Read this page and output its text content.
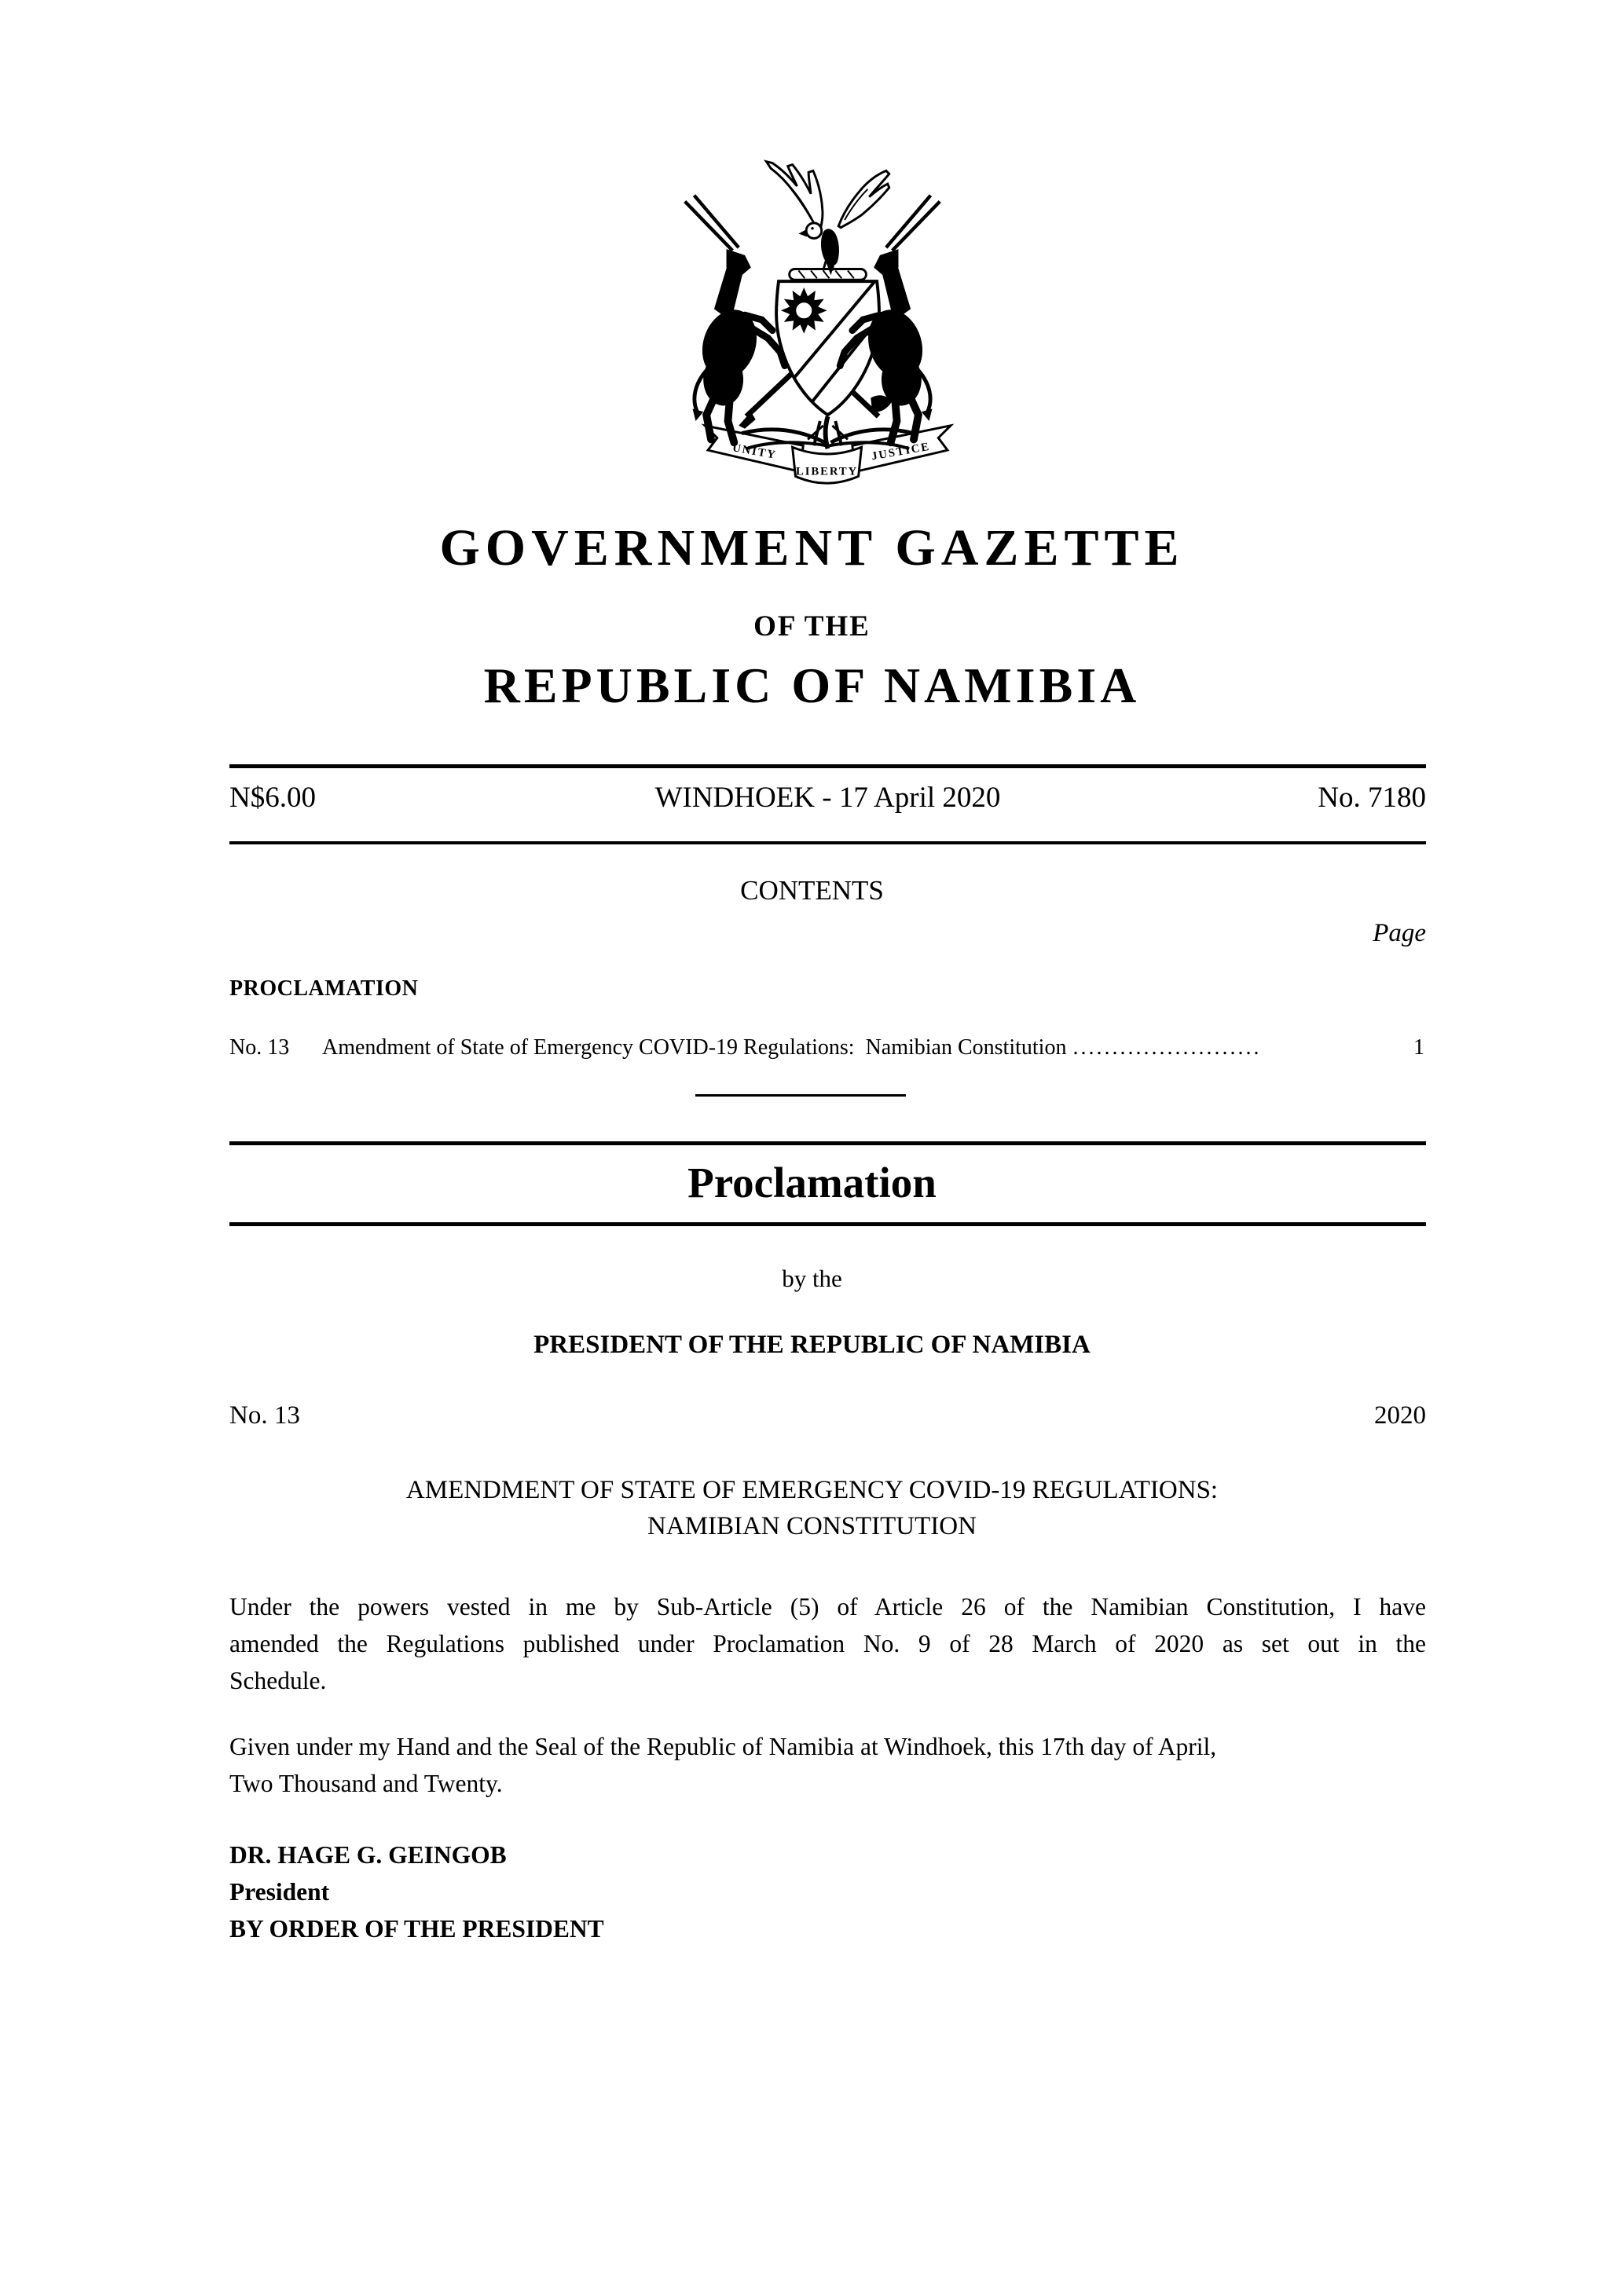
UNITY
LIBERTY
JUSTICE
GOVERNMENT GAZETTE
OF THE
REPUBLIC OF NAMIBIA
N$6.00	WINDHOEK - 17 April 2020	No. 7180
CONTENTS
Page
PROCLAMATION
No. 13 Amendment of State of Emergency COVID-19 Regulations:  Namibian Constitution ........................	1
Proclamation
by the
PRESIDENT OF THE REPUBLIC OF NAMIBIA
No. 13	2020
AMENDMENT OF STATE OF EMERGENCY COVID-19 REGULATIONS:
NAMIBIAN CONSTITUTION
Under the powers vested in me by Sub-Article (5) of Article 26 of the Namibian Constitution, I have
amended the Regulations published under Proclamation No. 9 of 28 March of 2020 as set out in the
Schedule.
Given under my Hand and the Seal of the Republic of Namibia at Windhoek, this 17th day of April,
Two Thousand and Twenty.
DR. HAGE G. GEINGOB
President
BY ORDER OF THE PRESIDENT
